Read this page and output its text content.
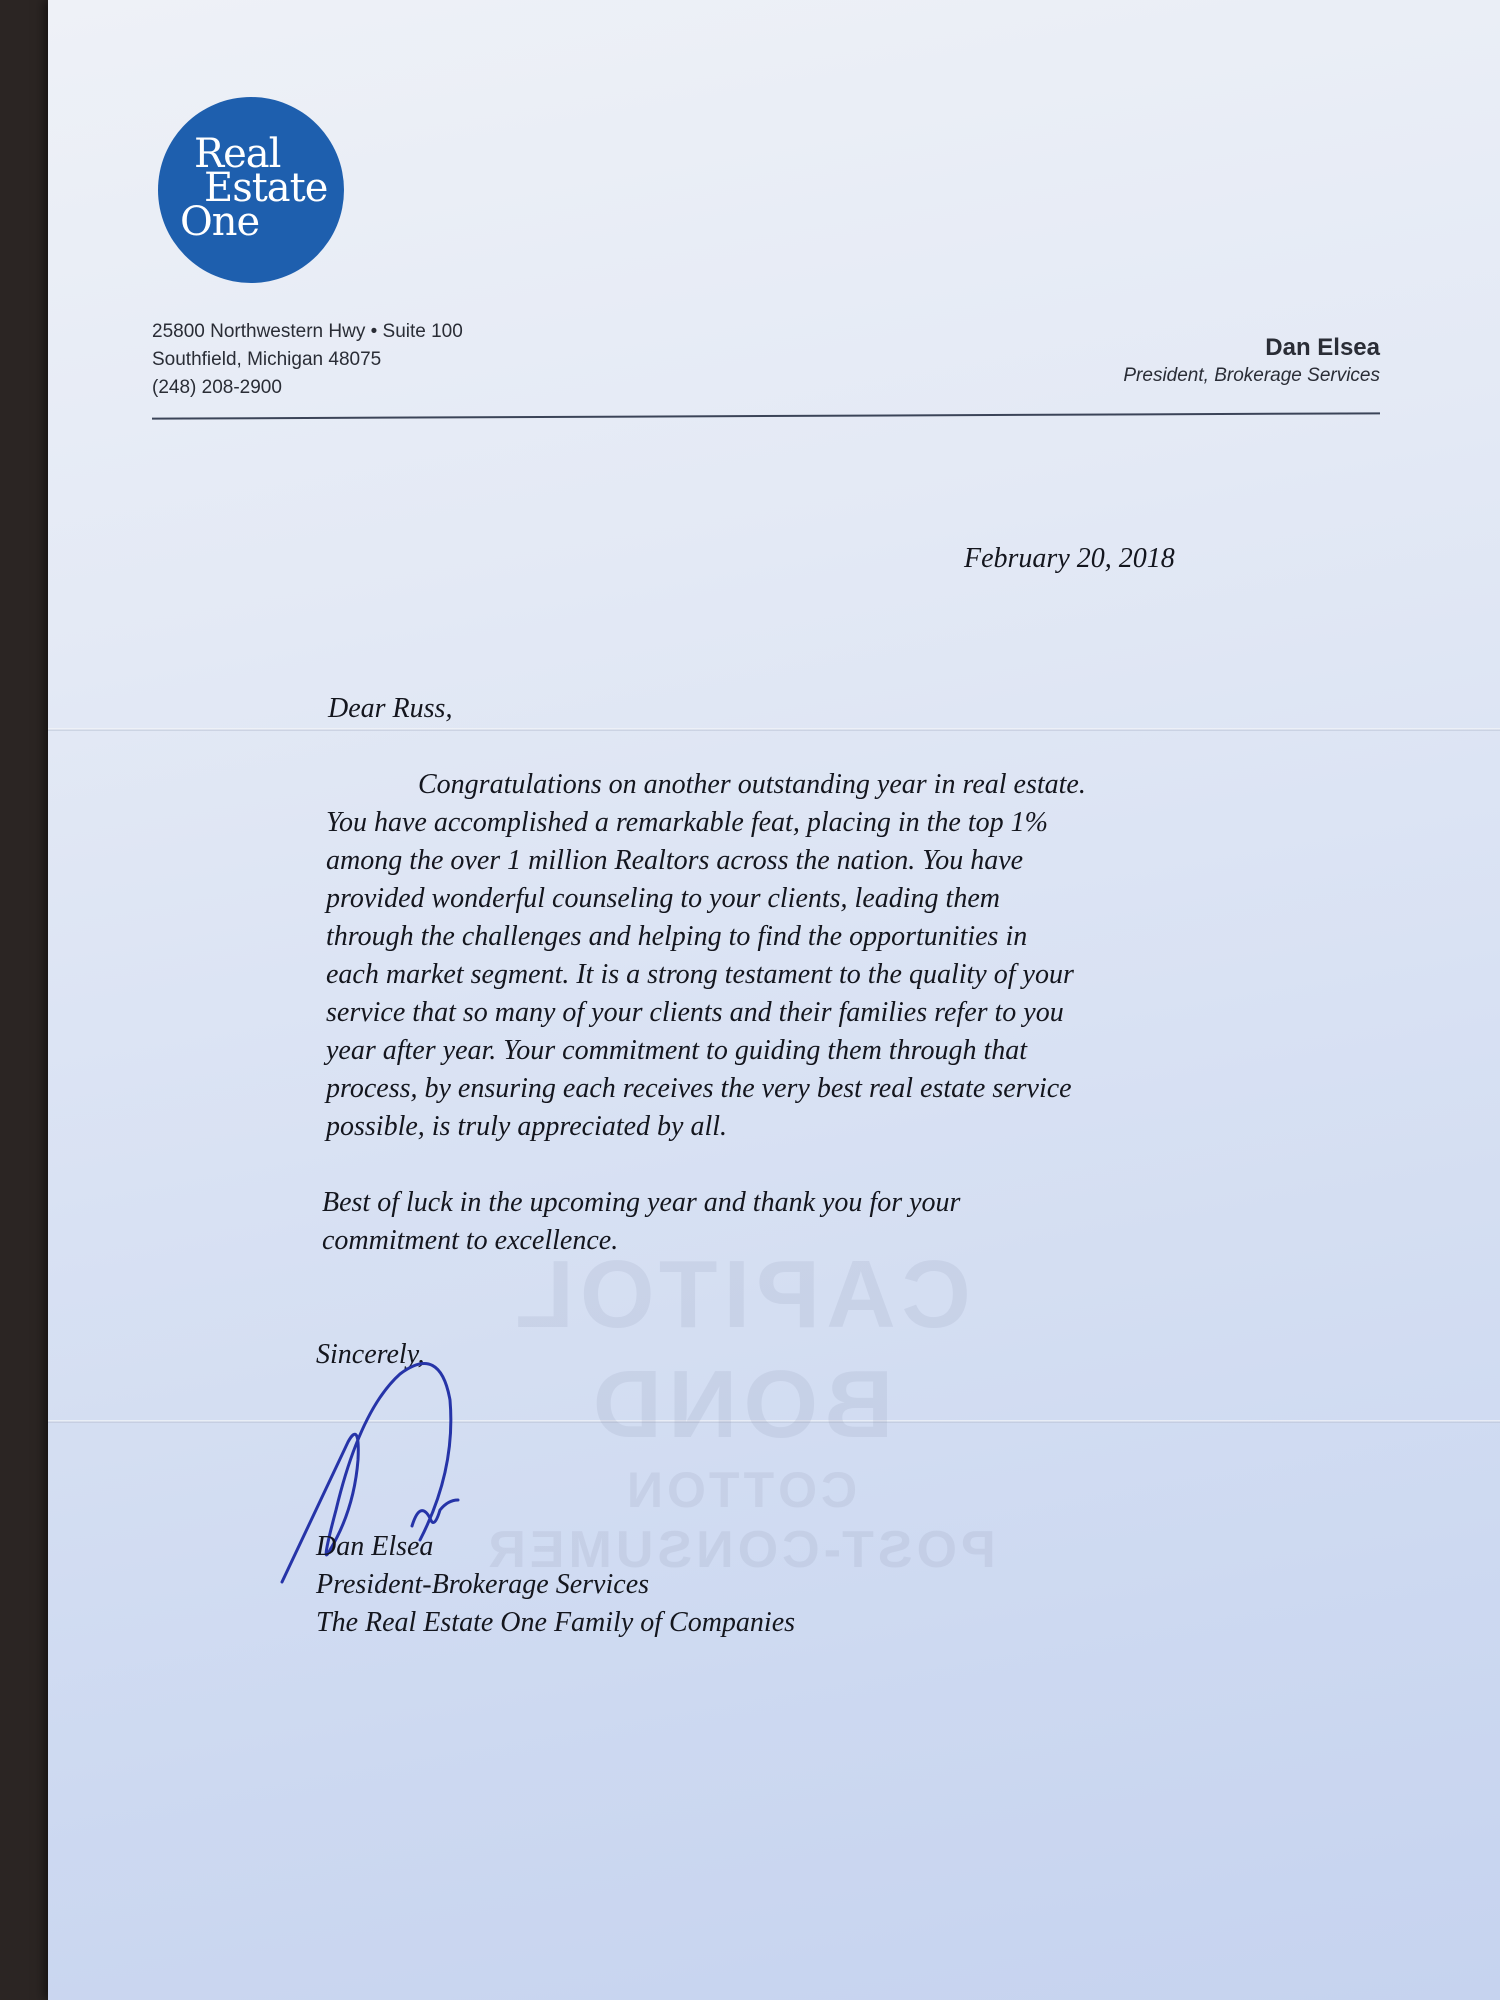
Real
Estate
One
25800 Northwestern Hwy • Suite 100
Southfield, Michigan 48075
(248) 208-2900
Dan Elsea
President, Brokerage Services
February 20, 2018
Dear Russ,
Congratulations on another outstanding year in real estate.
You have accomplished a remarkable feat, placing in the top 1%
among the over 1 million Realtors across the nation. You have
provided wonderful counseling to your clients, leading them
through the challenges and helping to find the opportunities in
each market segment. It is a strong testament to the quality of your
service that so many of your clients and their families refer to you
year after year. Your commitment to guiding them through that
process, by ensuring each receives the very best real estate service
possible, is truly appreciated by all.
Best of luck in the upcoming year and thank you for your
commitment to excellence.
Sincerely,
Dan Elsea
President-Brokerage Services
The Real Estate One Family of Companies
